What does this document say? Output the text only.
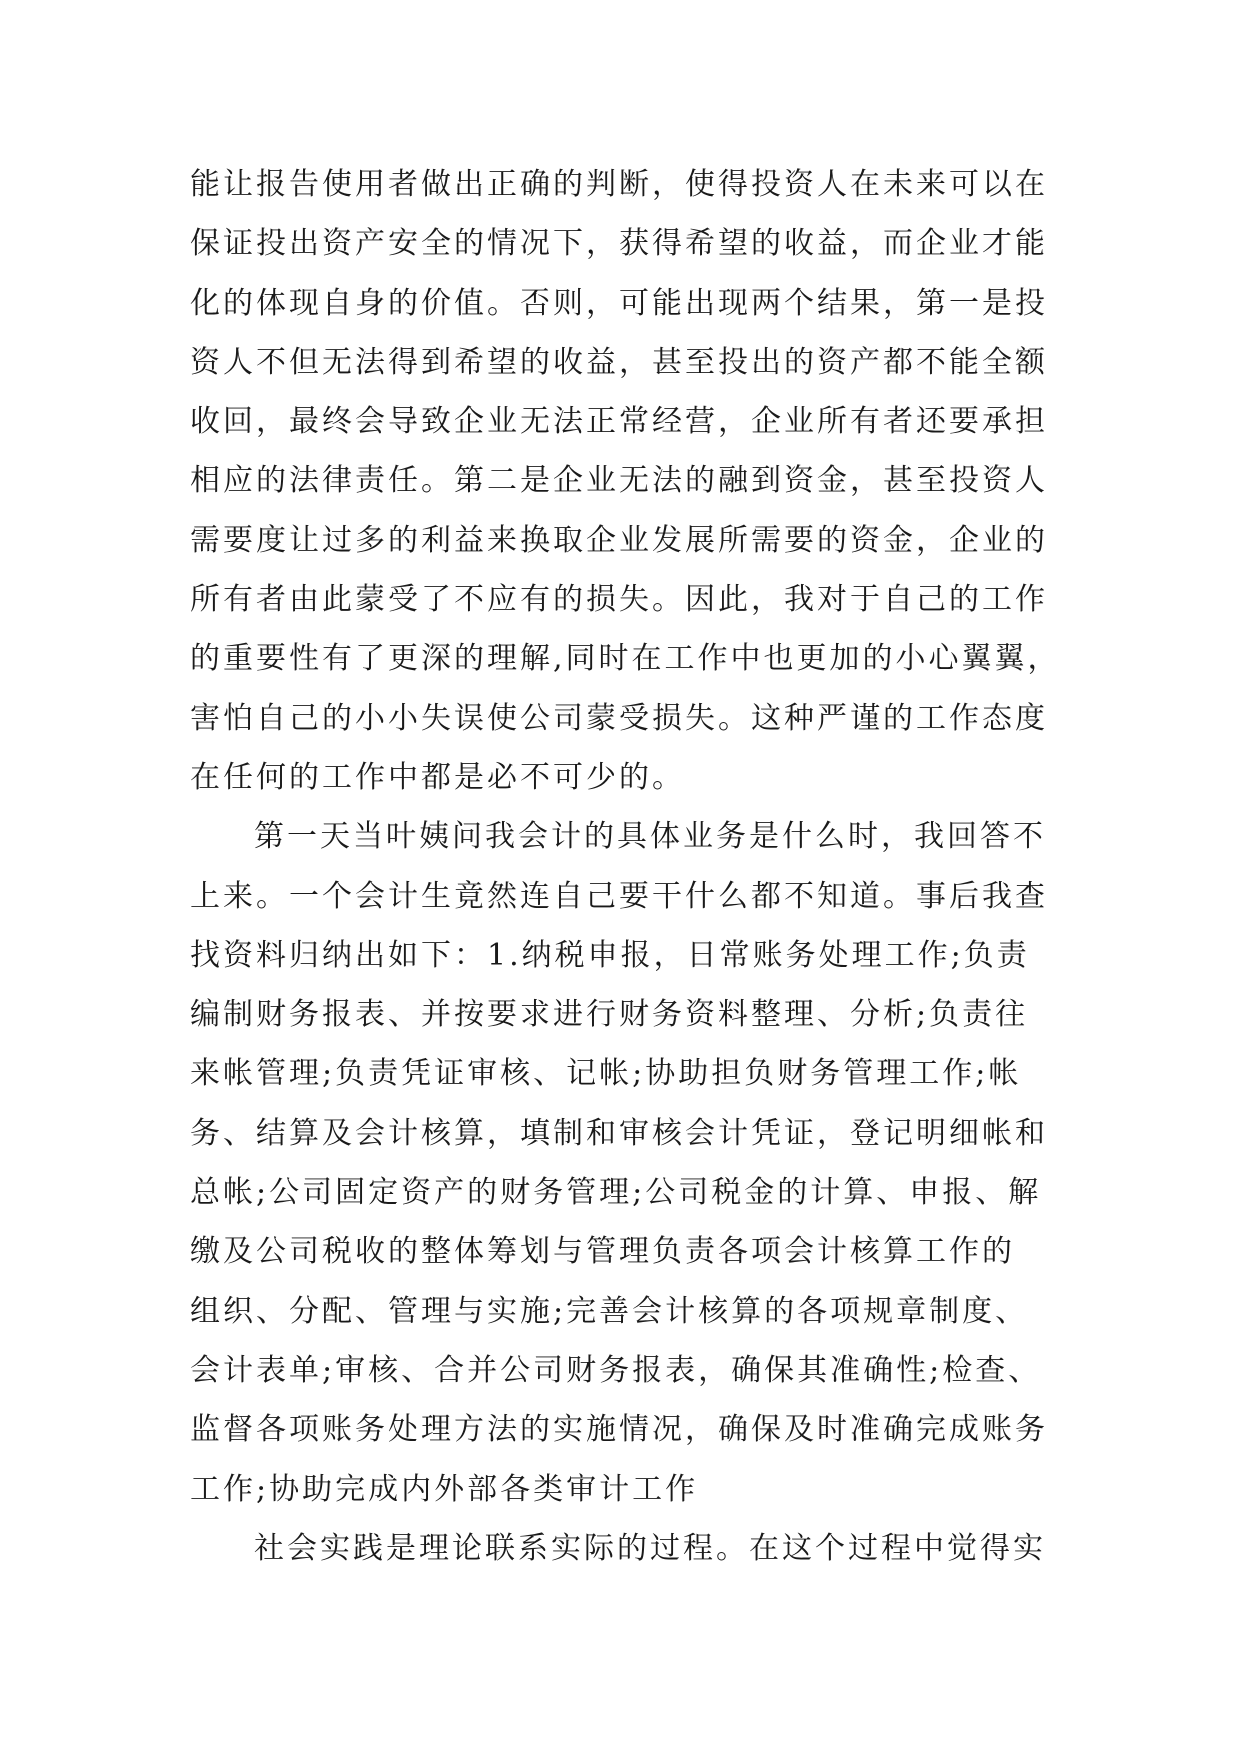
能让报告使用者做出正确的判断，使得投资人在未来可以在
保证投出资产安全的情况下，获得希望的收益，而企业才能
化的体现自身的价值。否则，可能出现两个结果，第一是投
资人不但无法得到希望的收益，甚至投出的资产都不能全额
收回，最终会导致企业无法正常经营，企业所有者还要承担
相应的法律责任。第二是企业无法的融到资金，甚至投资人
需要度让过多的利益来换取企业发展所需要的资金，企业的
所有者由此蒙受了不应有的损失。因此，我对于自己的工作
的重要性有了更深的理解,同时在工作中也更加的小心翼翼，
害怕自己的小小失误使公司蒙受损失。这种严谨的工作态度
在任何的工作中都是必不可少的。
第一天当叶姨问我会计的具体业务是什么时，我回答不
上来。一个会计生竟然连自己要干什么都不知道。事后我查
找资料归纳出如下：1.纳税申报，日常账务处理工作;负责
编制财务报表、并按要求进行财务资料整理、分析;负责往
来帐管理;负责凭证审核、记帐;协助担负财务管理工作;帐
务、结算及会计核算，填制和审核会计凭证，登记明细帐和
总帐;公司固定资产的财务管理;公司税金的计算、申报、解
缴及公司税收的整体筹划与管理负责各项会计核算工作的
组织、分配、管理与实施;完善会计核算的各项规章制度、
会计表单;审核、合并公司财务报表，确保其准确性;检查、
监督各项账务处理方法的实施情况，确保及时准确完成账务
工作;协助完成内外部各类审计工作
社会实践是理论联系实际的过程。在这个过程中觉得实
